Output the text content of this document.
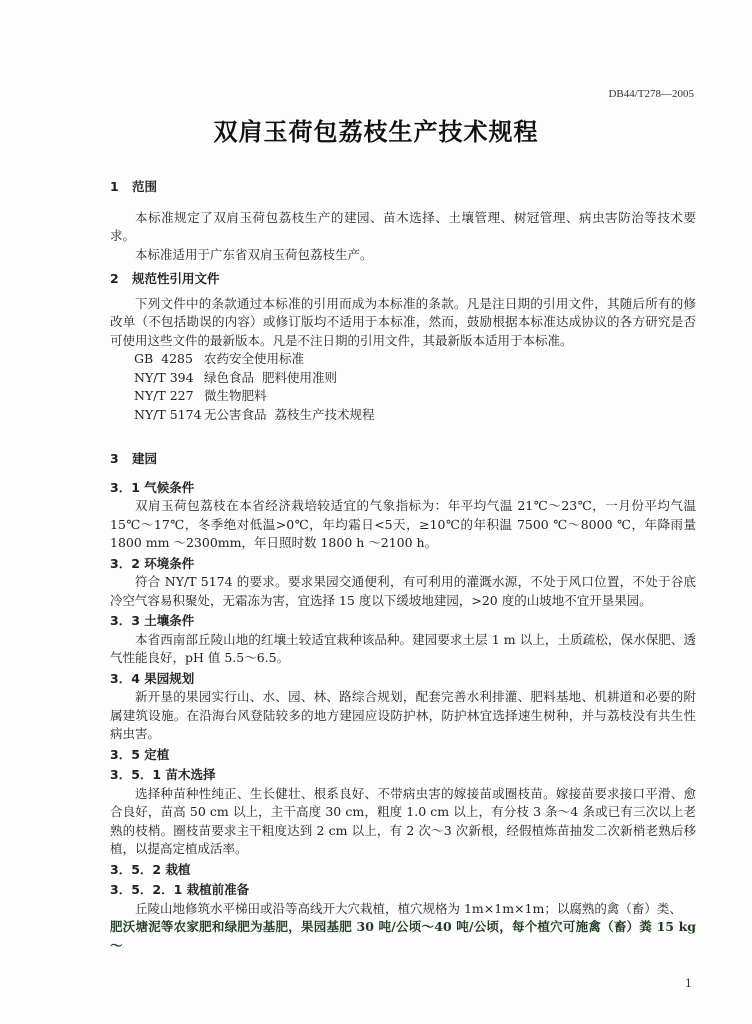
DB44/T278—2005
双肩玉荷包荔枝生产技术规程
1 范围

本标准规定了双肩玉荷包荔枝生产的建园、苗木选择、土壤管理、树冠管理、病虫害防治等技术要求。

本标准适用于广东省双肩玉荷包荔枝生产。

2 规范性引用文件

下列文件中的条款通过本标准的引用而成为本标准的条款。凡是注日期的引用文件，其随后所有的修改单（不包括勘误的内容）或修订版均不适用于本标准，然而，鼓励根据本标准达成协议的各方研究是否可使用这些文件的最新版本。凡是不注日期的引用文件，其最新版本适用于本标准。

GB  4285 农药安全使用标准

NY/T 394 绿色食品  肥料使用准则

NY/T 227 微生物肥料

NY/T 5174 无公害食品  荔枝生产技术规程

3 建园
3．1 气候条件

双肩玉荷包荔枝在本省经济栽培较适宜的气象指标为：年平均气温 21℃～23℃，一月份平均气温 15℃～17℃，冬季绝对低温>0℃，年均霜日<5天，≥10℃的年积温 7500 ℃～8000 ℃，年降雨量 1800 mm ～2300mm，年日照时数 1800 h ～2100 h。

3．2 环境条件

符合 NY/T 5174 的要求。要求果园交通便利，有可利用的灌溉水源，不处于风口位置，不处于谷底冷空气容易积聚处，无霜冻为害，宜选择 15 度以下缓坡地建园，>20 度的山坡地不宜开垦果园。

3．3 土壤条件

本省西南部丘陵山地的红壤土较适宜栽种该品种。建园要求土层 1 m 以上，土质疏松，保水保肥、透气性能良好，pH 值 5.5～6.5。

3．4 果园规划

新开垦的果园实行山、水、园、林、路综合规划，配套完善水利排灌、肥料基地、机耕道和必要的附属建筑设施。在沿海台风登陆较多的地方建园应设防护林，防护林宜选择速生树种，并与荔枝没有共生性病虫害。

3．5 定植
3．5．1 苗木选择

选择种苗种性纯正、生长健壮、根系良好、不带病虫害的嫁接苗或圈枝苗。嫁接苗要求接口平滑、愈合良好，苗高 50 cm 以上，主干高度 30 cm，粗度 1.0 cm 以上，有分枝 3 条～4 条或已有三次以上老熟的枝梢。圈枝苗要求主干粗度达到 2 cm 以上，有 2 次～3 次新根，经假植炼苗抽发二次新梢老熟后移植，以提高定植成活率。

3．5．2 栽植
3．5．2．1 栽植前准备

丘陵山地修筑水平梯田或沿等高线开大穴栽植，植穴规格为 1m×1m×1m；以腐熟的禽（畜）类、

肥沃塘泥等农家肥和绿肥为基肥，果园基肥 30 吨/公顷～40 吨/公顷，每个植穴可施禽（畜）粪 15 kg～

1
